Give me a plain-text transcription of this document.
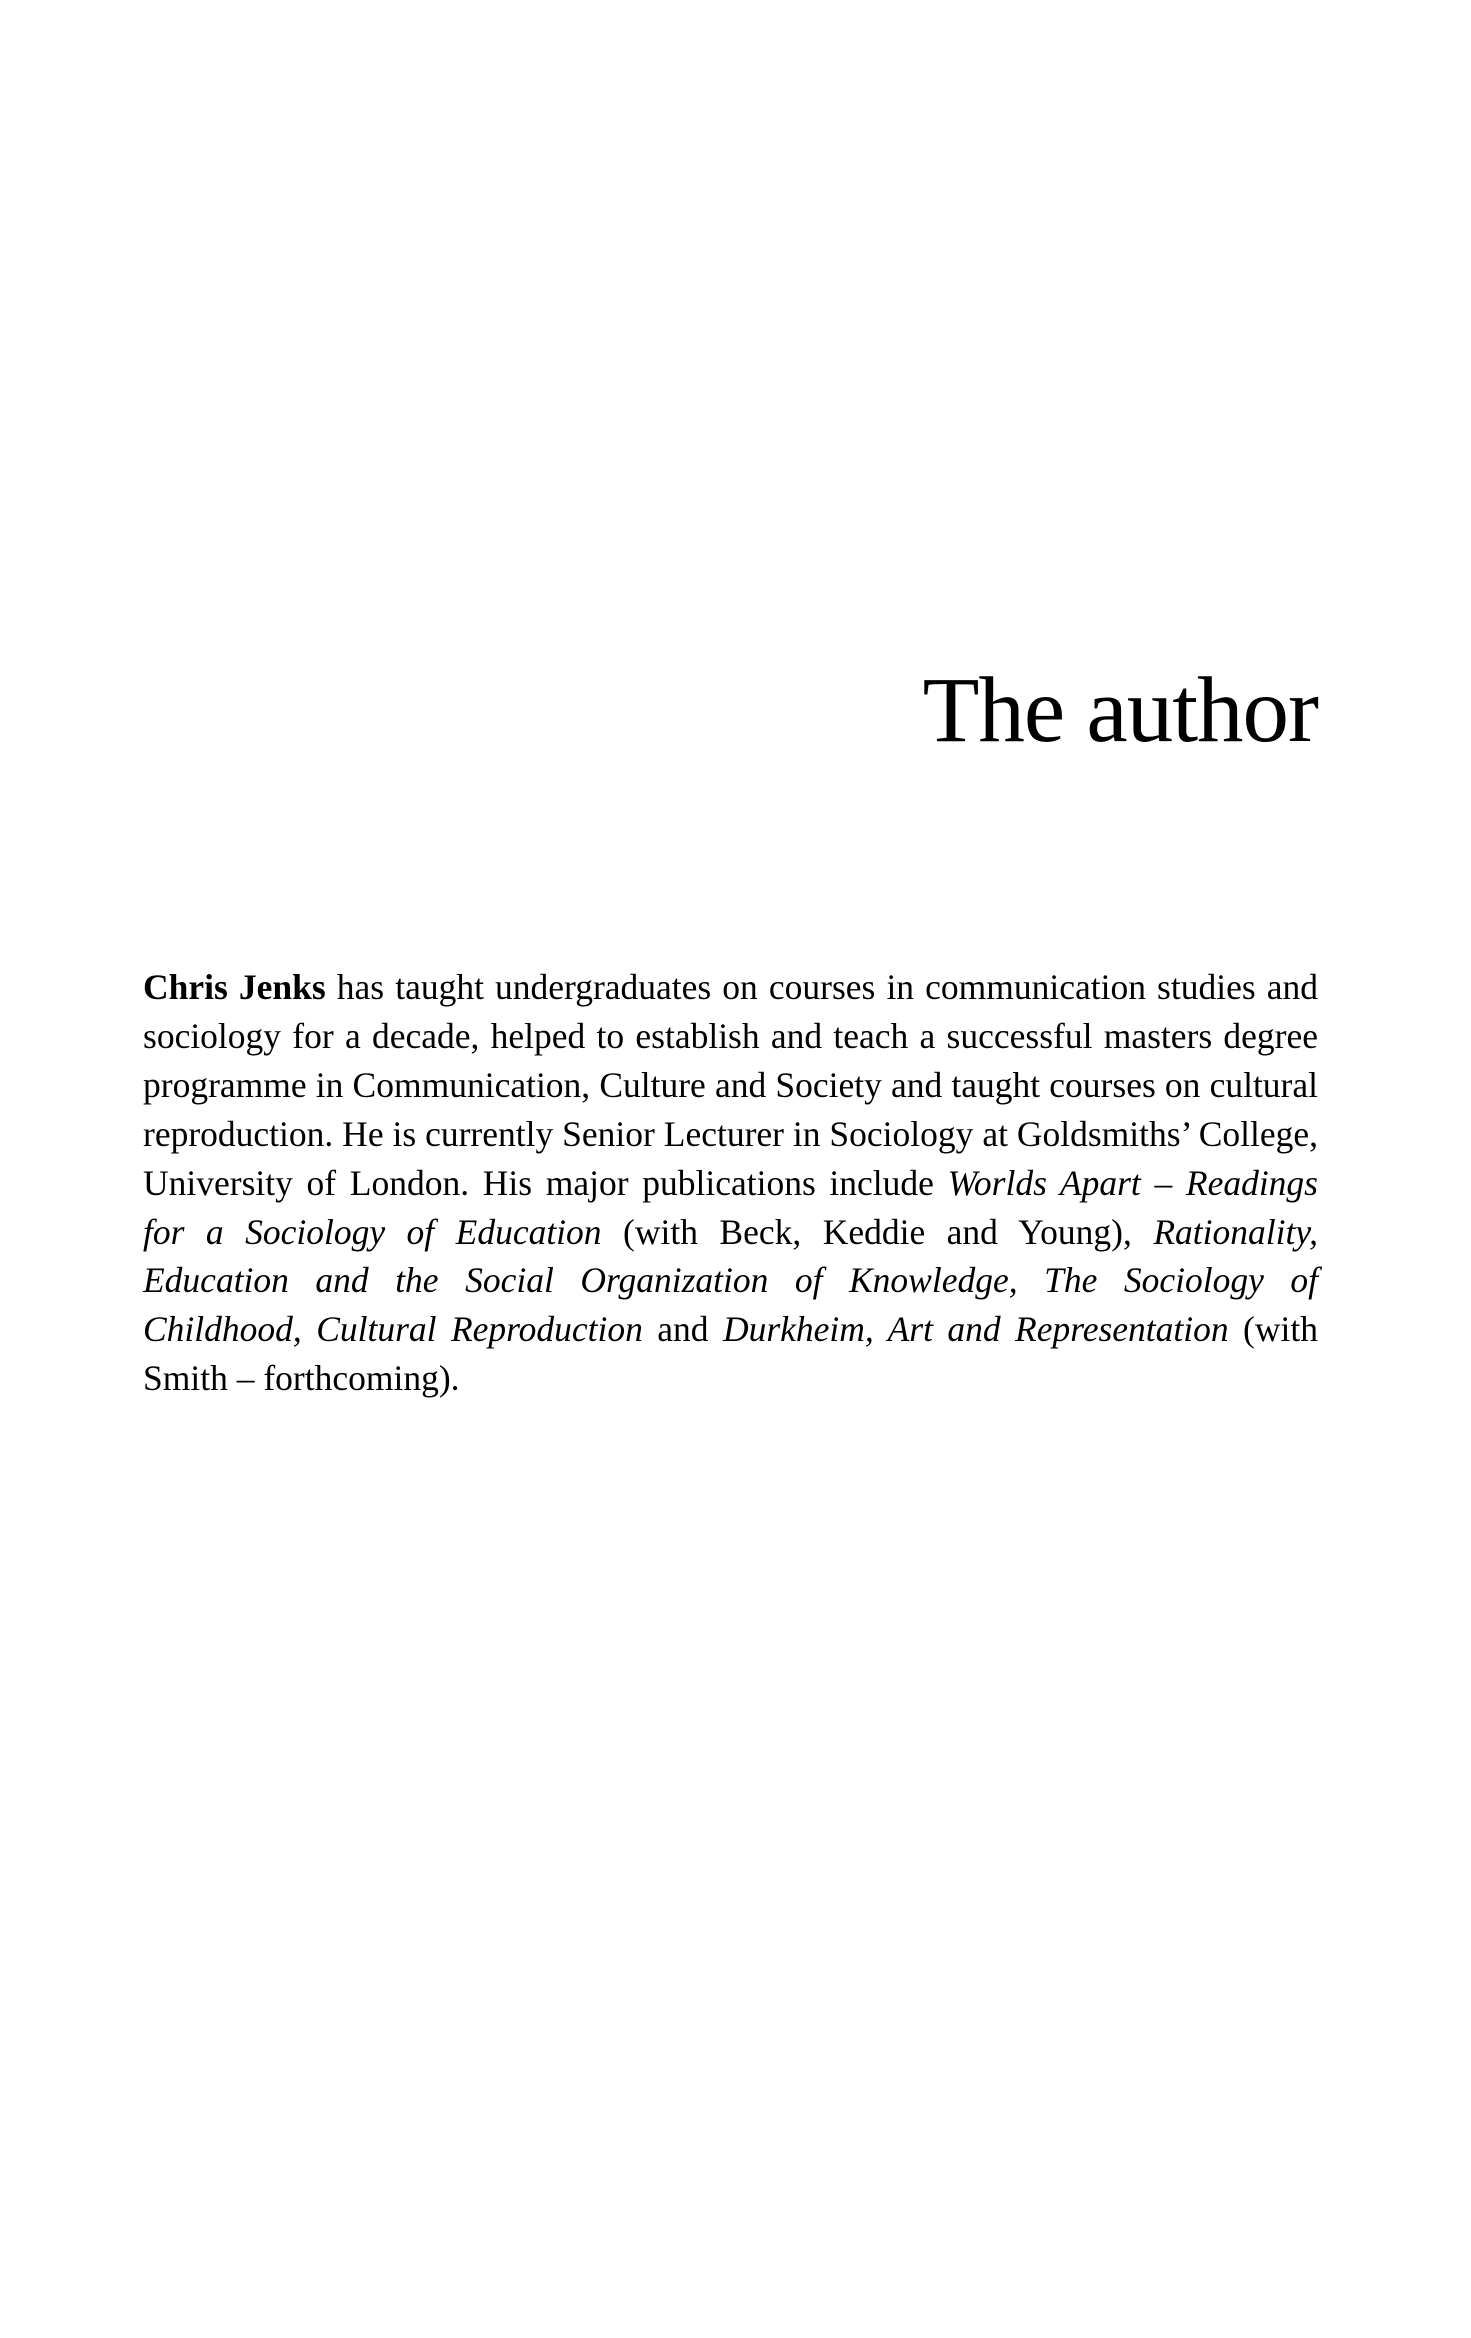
The author

Chris Jenks has taught undergraduates on courses in communication studies and sociology for a decade, helped to establish and teach a successful masters degree programme in Communication, Culture and Society and taught courses on cultural reproduction. He is currently Senior Lecturer in Sociology at Goldsmiths’ College, University of London. His major publications include Worlds Apart – Readings for a Sociology of Education (with Beck, Keddie and Young), Rationality, Education and the Social Organization of Knowledge, The Sociology of Childhood, Cultural Reproduction and Durkheim, Art and Representation (with Smith – forthcoming).
